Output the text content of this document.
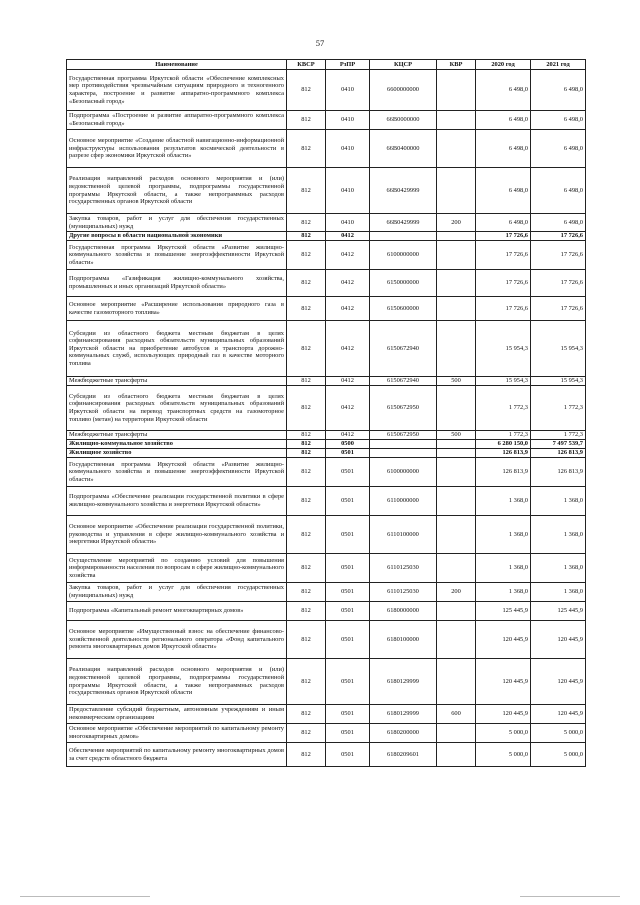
57
Наименование	КВСР	РзПР	КЦСР	КВР	2020 год	2021 год
Государственная программа Иркутской области «Обеспечение комплексных мер противодействия чрезвычайным ситуациям природного и техногенного характера, построение и развитие аппаратно-программного комплекса «Безопасный город»	812	0410	6600000000		6 498,0	6 498,0
Подпрограмма «Построение и развитие аппаратно-программного комплекса «Безопасный город»	812	0410	66В0000000		6 498,0	6 498,0
Основное мероприятие «Создание областной навигационно-информационной инфраструктуры использования результатов космической деятельности в разрезе сфер экономики Иркутской области»	812	0410	66В0400000		6 498,0	6 498,0
Реализация направлений расходов основного мероприятия и (или) ведомственной целевой программы, подпрограммы государственной программы Иркутской области, а также непрограммных расходов государственных органов Иркутской области	812	0410	66В0429999		6 498,0	6 498,0
Закупка товаров, работ и услуг для обеспечения государственных (муниципальных) нужд	812	0410	66В0429999	200	6 498,0	6 498,0
Другие вопросы в области национальной экономики	812	0412			17 726,6	17 726,6
Государственная программа Иркутской области «Развитие жилищно-коммунального хозяйства и повышение энергоэффективности Иркутской области»	812	0412	6100000000		17 726,6	17 726,6
Подпрограмма «Газификация жилищно-коммунального хозяйства, промышленных и иных организаций Иркутской области»	812	0412	6150000000		17 726,6	17 726,6
Основное мероприятие «Расширение использования природного газа в качестве газомоторного топлива»	812	0412	6150600000		17 726,6	17 726,6
Субсидии из областного бюджета местным бюджетам в целях софинансирования расходных обязательств муниципальных образований Иркутской области на приобретение автобусов и транспорта дорожно-коммунальных служб, использующих природный газ в качестве моторного топлива	812	0412	6150672940		15 954,3	15 954,3
Межбюджетные трансферты	812	0412	6150672940	500	15 954,3	15 954,3
Субсидии из областного бюджета местным бюджетам в целях софинансирования расходных обязательств муниципальных образований Иркутской области на перевод транспортных средств на газомоторное топливо (метан) на территории Иркутской области	812	0412	6150672950		1 772,3	1 772,3
Межбюджетные трансферты	812	0412	6150672950	500	1 772,3	1 772,3
Жилищно-коммунальное хозяйство	812	0500			6 280 150,0	7 497 539,7
Жилищное хозяйство	812	0501			126 813,9	126 813,9
Государственная программа Иркутской области «Развитие жилищно-коммунального хозяйства и повышение энергоэффективности Иркутской области»	812	0501	6100000000		126 813,9	126 813,9
Подпрограмма «Обеспечение реализации государственной политики в сфере жилищно-коммунального хозяйства и энергетики Иркутской области»	812	0501	6110000000		1 368,0	1 368,0
Основное мероприятие «Обеспечение реализации государственной политики, руководства и управления в сфере жилищно-коммунального хозяйства и энергетики Иркутской области»	812	0501	6110100000		1 368,0	1 368,0
Осуществление мероприятий по созданию условий для повышения информированности населения по вопросам в сфере жилищно-коммунального хозяйства	812	0501	6110125030		1 368,0	1 368,0
Закупка товаров, работ и услуг для обеспечения государственных (муниципальных) нужд	812	0501	6110125030	200	1 368,0	1 368,0
Подпрограмма «Капитальный ремонт многоквартирных домов»	812	0501	6180000000		125 445,9	125 445,9
Основное мероприятие «Имущественный взнос на обеспечение финансово-хозяйственной деятельности регионального оператора «Фонд капитального ремонта многоквартирных домов Иркутской области»	812	0501	6180100000		120 445,9	120 445,9
Реализация направлений расходов основного мероприятия и (или) ведомственной целевой программы, подпрограммы государственной программы Иркутской области, а также непрограммных расходов государственных органов Иркутской области	812	0501	6180129999		120 445,9	120 445,9
Предоставление субсидий бюджетным, автономным учреждениям и иным некоммерческим организациям	812	0501	6180129999	600	120 445,9	120 445,9
Основное мероприятие «Обеспечение мероприятий по капитальному ремонту многоквартирных домов»	812	0501	6180200000		5 000,0	5 000,0
Обеспечение мероприятий по капитальному ремонту многоквартирных домов за счет средств областного бюджета	812	0501	6180209601		5 000,0	5 000,0
